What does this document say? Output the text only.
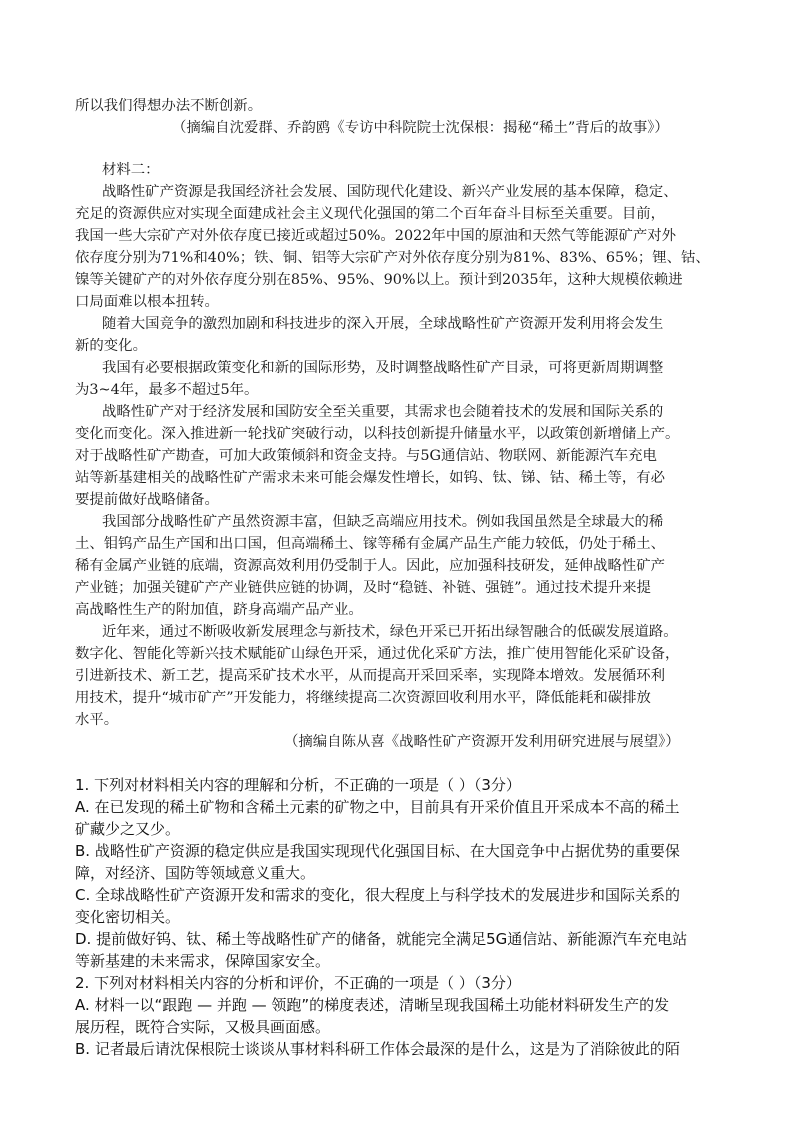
所以我们得想办法不断创新。
（摘编自沈爱群、乔韵鸥《专访中科院院士沈保根：揭秘“稀土”背后的故事》）
材料二：
战略性矿产资源是我国经济社会发展、国防现代化建设、新兴产业发展的基本保障，稳定、
充足的资源供应对实现全面建成社会主义现代化强国的第二个百年奋斗目标至关重要。目前，
我国一些大宗矿产对外依存度已接近或超过50%。2022年中国的原油和天然气等能源矿产对外
依存度分别为71%和40%；铁、铜、铝等大宗矿产对外依存度分别为81%、83%、65%；锂、钴、
镍等关键矿产的对外依存度分别在85%、95%、90%以上。预计到2035年，这种大规模依赖进
口局面难以根本扭转。
随着大国竞争的激烈加剧和科技进步的深入开展，全球战略性矿产资源开发利用将会发生
新的变化。
我国有必要根据政策变化和新的国际形势，及时调整战略性矿产目录，可将更新周期调整
为3~4年，最多不超过5年。
战略性矿产对于经济发展和国防安全至关重要，其需求也会随着技术的发展和国际关系的
变化而变化。深入推进新一轮找矿突破行动，以科技创新提升储量水平，以政策创新增储上产。
对于战略性矿产勘查，可加大政策倾斜和资金支持。与5G通信站、物联网、新能源汽车充电
站等新基建相关的战略性矿产需求未来可能会爆发性增长，如钨、钛、锑、钴、稀土等，有必
要提前做好战略储备。
我国部分战略性矿产虽然资源丰富，但缺乏高端应用技术。例如我国虽然是全球最大的稀
土、钼钨产品生产国和出口国，但高端稀土、镓等稀有金属产品生产能力较低，仍处于稀土、
稀有金属产业链的底端，资源高效利用仍受制于人。因此，应加强科技研发，延伸战略性矿产
产业链；加强关键矿产产业链供应链的协调，及时“稳链、补链、强链”。通过技术提升来提
高战略性生产的附加值，跻身高端产品产业。
近年来，通过不断吸收新发展理念与新技术，绿色开采已开拓出绿智融合的低碳发展道路。
数字化、智能化等新兴技术赋能矿山绿色开采，通过优化采矿方法，推广使用智能化采矿设备，
引进新技术、新工艺，提高采矿技术水平，从而提高开采回采率，实现降本增效。发展循环利
用技术，提升“城市矿产”开发能力，将继续提高二次资源回收利用水平，降低能耗和碳排放
水平。
（摘编自陈从喜《战略性矿产资源开发利用研究进展与展望》）
1. 下列对材料相关内容的理解和分析，不正确的一项是（ ）（3分）
A. 在已发现的稀土矿物和含稀土元素的矿物之中，目前具有开采价值且开采成本不高的稀土
矿藏少之又少。
B. 战略性矿产资源的稳定供应是我国实现现代化强国目标、在大国竞争中占据优势的重要保
障，对经济、国防等领域意义重大。
C. 全球战略性矿产资源开发和需求的变化，很大程度上与科学技术的发展进步和国际关系的
变化密切相关。
D. 提前做好钨、钛、稀土等战略性矿产的储备，就能完全满足5G通信站、新能源汽车充电站
等新基建的未来需求，保障国家安全。
2. 下列对材料相关内容的分析和评价，不正确的一项是（ ）（3分）
A. 材料一以“跟跑 — 并跑 — 领跑”的梯度表述，清晰呈现我国稀土功能材料研发生产的发
展历程，既符合实际，又极具画面感。
B. 记者最后请沈保根院士谈谈从事材料科研工作体会最深的是什么，这是为了消除彼此的陌
